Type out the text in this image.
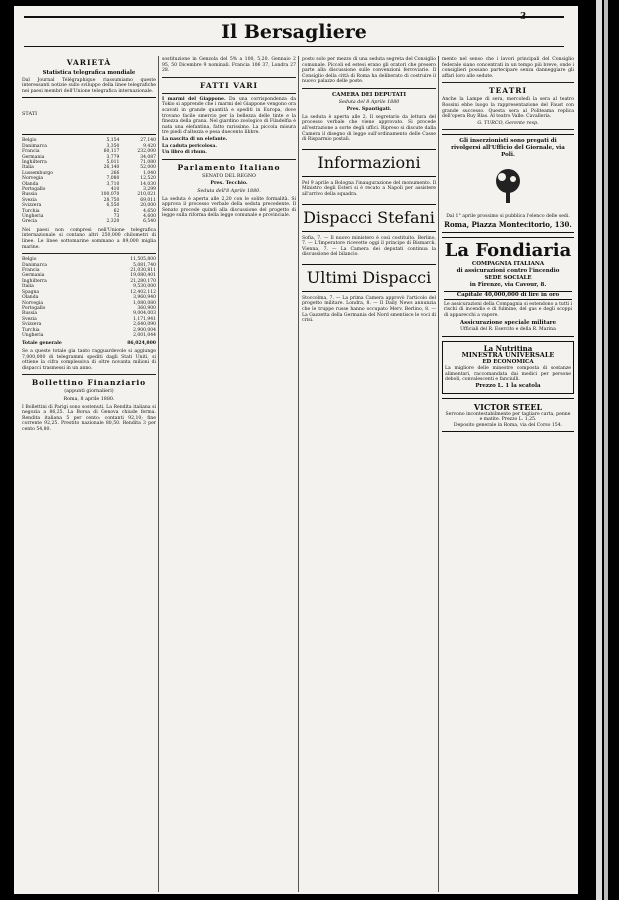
3
Il Bersagliere
VARIETÀ
Statistica telegrafica mondiale

Dal Journal Télégraphique riassumiamo queste interessanti notizie sullo sviluppo della linee telegrafiche nei paesi membri dell'Unione telegrafica internazionale.

STATI
Belgio	5,154	27,140
Danimarca	3,350	9,420
Francia	60,117	232,000
Germania	3,779	34,087
Inghilterra	5,011	71,080
Italia	26,140	52,000
Lussemburgo	266	1,040
Norvegia	7,080	12,520
Olanda	3,710	14,030
Portogallo	410	3,299
Russia	100,070	210,021
Svezia	28,750	69,011
Svizzera	6,550	20,000
Turchia	62	4,650
Ungheria	73	4,600
Grecia	2,320	6,540

Nei paesi non compresi nell'Unione telegrafica internazionale si contano altri 250,000 chilometri di linee. Le linee sottomarine sommano a 89,000 miglia marine.

Belgio	11,505,800
Danimarca	5,081,740
Francia	21,030,811
Germania	19,080,401
Inghilterra	21,280,170
Italia	9,530,000
Spagna	12,402,112
Olanda	3,960,940
Norvegia	1,080,080
Portogallo	360,900
Russia	9,004,003
Svezia	1,171,941
Svizzera	2,640,090
Turchia	2,900,004
Ungheria	2,001,044
Totale generale	86,024,800

Se a queste totale gia tanto ragguardevole si aggiunge 7,000,000 di telegrammi spediti dagli Stati Uniti, si ottiene la cifra complessiva di oltre novanta milioni di dispacci trasmessi in un anno.

Bollettino Finanziario
(appunti giornalieri)
Roma, 8 aprile 1880.

I Bollettini di Parigi sono sostenuti. La Rendita italiana si negozia a 86,25. La Borsa di Genova chiude ferma. Rendita italiana 5 per cento: contanti 92,10; fine corrente 92,25. Prestito nazionale 80,50. Rendita 3 per cento 54,80.

sostituzione in Genzola del 5% a 100, 5,20. Gennaio 2 95, 50 Dicembre 9 nominali. Francia 106 37, Londra 27 28.

FATTI VARI

I marmi del Giappone. Da una corrispondenza da Tokio si apprende che i marmi del Giappone vengono ora scavati in grande quantità e spediti in Europa, dove trovano facile smercio per la bellezza delle tinte e la finezza della grana. Nel giardino zoologico di Filadelfia è nata una elefantina, fatto rarissimo. La piccola misura tre piedi d'altezza e pesa duecento libbre.

La nascita di un elefante.

La caduta pericolosa.

Un libro di rhum.

Parlamento Italiano
SENATO DEL REGNO
Pres. Tecchio.
Seduta dell'8 Aprile 1880.

La seduta è aperta alle 2,20 con le solite formalità. Si approva il processo verbale della seduta precedente. Il Senato procede quindi alla discussione del progetto di legge sulla riforma della legge comunale e provinciale.

posto solo per mezzo di una seduta segreta del Consiglio comunale. Piccoli ed estesi erano gli oratori che presero parte alla discussione sulle convenzioni ferroviarie. Il Consiglio della città di Roma ha deliberato di costruire il nuovo palazzo delle poste.

CAMERA DEI DEPUTATI
Seduta del 8 Aprile 1880
Pres. Spantigati.

La seduta è aperta alle 2. Il segretario da lettura del processo verbale che viene approvato. Si procede all'estrazione a sorte degli uffici. Ripreso si discute dalla Camera il disegno di legge sull'ordinamento delle Casse di Risparmio postali.

Informazioni

Pel 9 aprile a Bologna l'inaugurazione del monumento. Il Ministro degli Esteri si è recato a Napoli per assistere all'arrivo della squadra.

Dispacci Stefani

Sofia, 7. — Il nuovo ministero è così costituito. Berlino, 7. — L'Imperatore ricevette oggi il principe di Bismarck. Vienna, 7. — La Camera dei deputati continua la discussione del bilancio.

Ultimi Dispacci

Stoccolma, 7. — La prima Camera approvò l'articolo del progetto militare. Londra, 8. — Il Daily News annunzia che le truppe russe hanno occupato Merv. Berlino, 8. — La Gazzetta della Germania del Nord smentisce le voci di crisi.

mento nel senso che i lavori principali del Consiglio federale siano concentrati in un tempo più breve, onde i consiglieri possano partecipare senza danneggiare gli affari loro alle sedute.

TEATRI

Anche la Lampe di sera, mercoledì la sera al teatro Rossini ebbe luogo la rappresentazione del Faust con grande successo. Questa sera al Politeama replica dell'opera Ruy Blas. Al teatro Valle: Cavalleria.

G. TURCO, Gerente resp.
Gli inserzionisti sono pregati di rivolgersi all'Ufficio del Giornale, via Poli.
Dal 1° aprile prossimo si pubblica l'elenco delle sedi.
Roma, Piazza Montecitorio, 130.
La Fondiaria
COMPAGNIA ITALIANA
di assicurazioni contro l'incendio
SEDE SOCIALE
in Firenze, via Cavour, 8.
Capitale 40,000,000 di lire in oro
Le assicurazioni della Compagnia si estendono a tutti i rischi di incendio e di fulmine, del gas e degli scoppi di apparecchi a vapore.
Assicurazione speciale militare
Ufficiali del R. Esercito e della R. Marina
La Nutritina
MINESTRA UNIVERSALE
ED ECONOMICA
La migliore delle minestre composta di sostanze alimentari, raccomandata dai medici per persone deboli, convalescenti e fanciulli.
Prezzo L. 1 la scatola
VICTOR STEEL
Servono incontestabilmente per tagliare carta, penne e matite. Prezzo L. 1,25.
Deposito generale in Roma, via del Corso 154.
